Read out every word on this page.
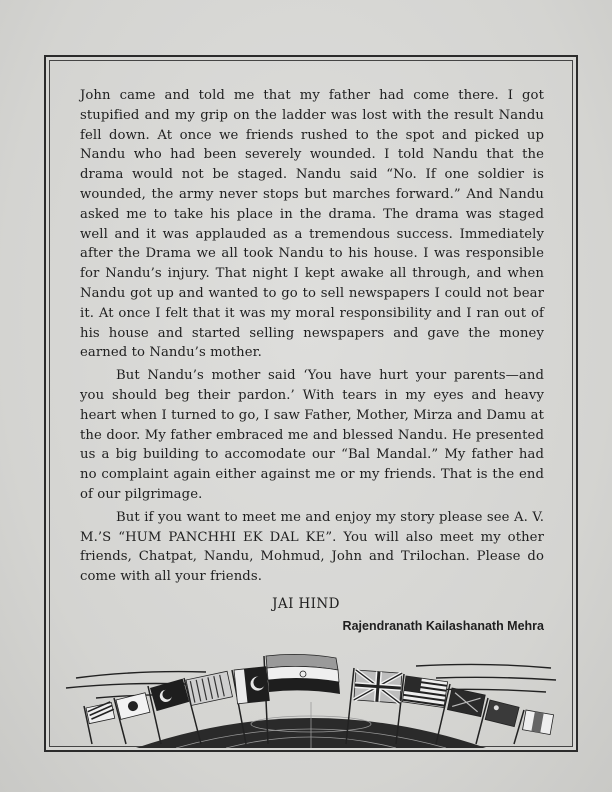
John came and told me that my father had come there. I got stupified and my grip on the ladder was lost with the result Nandu fell down. At once we friends rushed to the spot and picked up Nandu who had been severely wounded. I told Nandu that the drama would not be staged. Nandu said “No. If one soldier is wounded, the army never stops but marches forward.” And Nandu asked me to take his place in the drama. The drama was staged well and it was applauded as a tremendous success. Immediately after the Drama we all took Nandu to his house. I was responsible for Nandu’s injury. That night I kept awake all through, and when Nandu got up and wanted to go to sell newspapers I could not bear it. At once I felt that it was my moral responsibility and I ran out of his house and started selling newspapers and gave the money earned to Nandu’s mother.

But Nandu’s mother said ‘You have hurt your parents—and you should beg their pardon.’ With tears in my eyes and heavy heart when I turned to go, I saw Father, Mother, Mirza and Damu at the door. My father embraced me and blessed Nandu. He presented us a big building to accomodate our “Bal Mandal.” My father had no complaint again either against me or my friends. That is the end of our pilgrimage.

But if you want to meet me and enjoy my story please see A. V. M.’S “HUM PANCHHI EK DAL KE”. You will also meet my other friends, Chatpat, Nandu, Mohmud, John and Trilochan. Please do come with all your friends.

JAI HIND
Rajendranath Kailashanath Mehra
